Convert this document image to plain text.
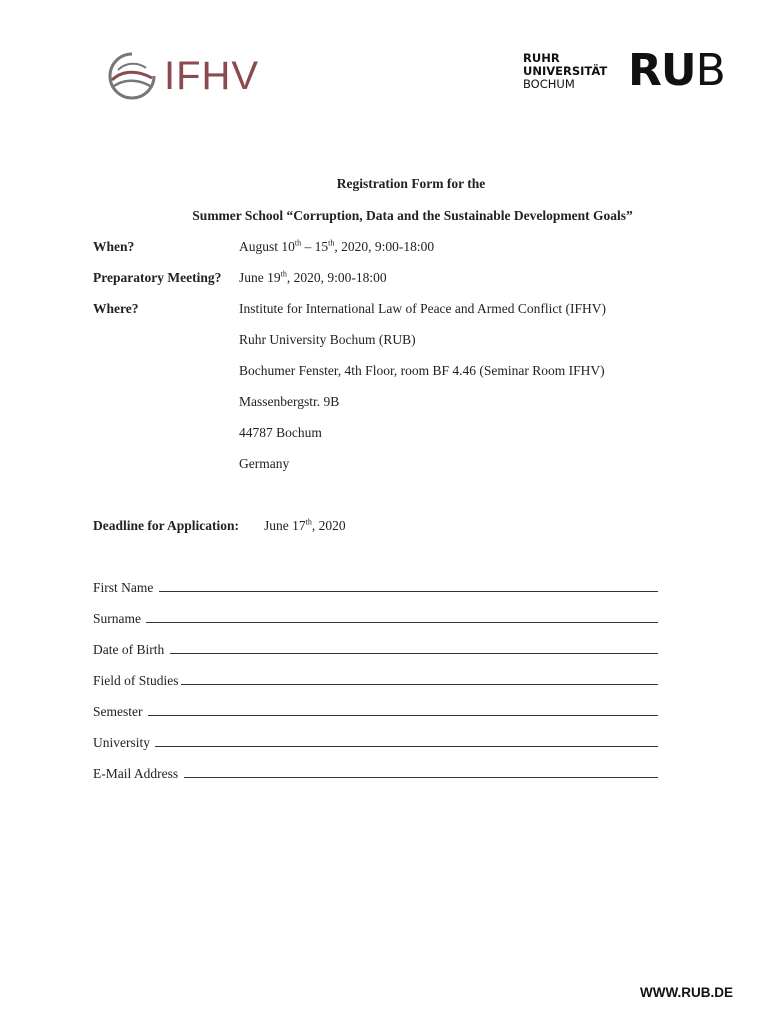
IFHV	RUHR
UNIVERSITÄT
BOCHUM	RUB
Registration Form for the
Summer School “Corruption, Data and the Sustainable Development Goals”
When?	August 10th – 15th, 2020, 9:00-18:00
Preparatory Meeting? June 19th, 2020, 9:00-18:00
Where?	Institute for International Law of Peace and Armed Conflict (IFHV)
Ruhr University Bochum (RUB)
Bochumer Fenster, 4th Floor, room BF 4.46 (Seminar Room IFHV)
Massenbergstr. 9B
44787 Bochum
Germany
Deadline for Application: June 17th, 2020
First Name
Surname
Date of Birth
Field of Studies
Semester
University
E-Mail Address
WWW.RUB.DE
